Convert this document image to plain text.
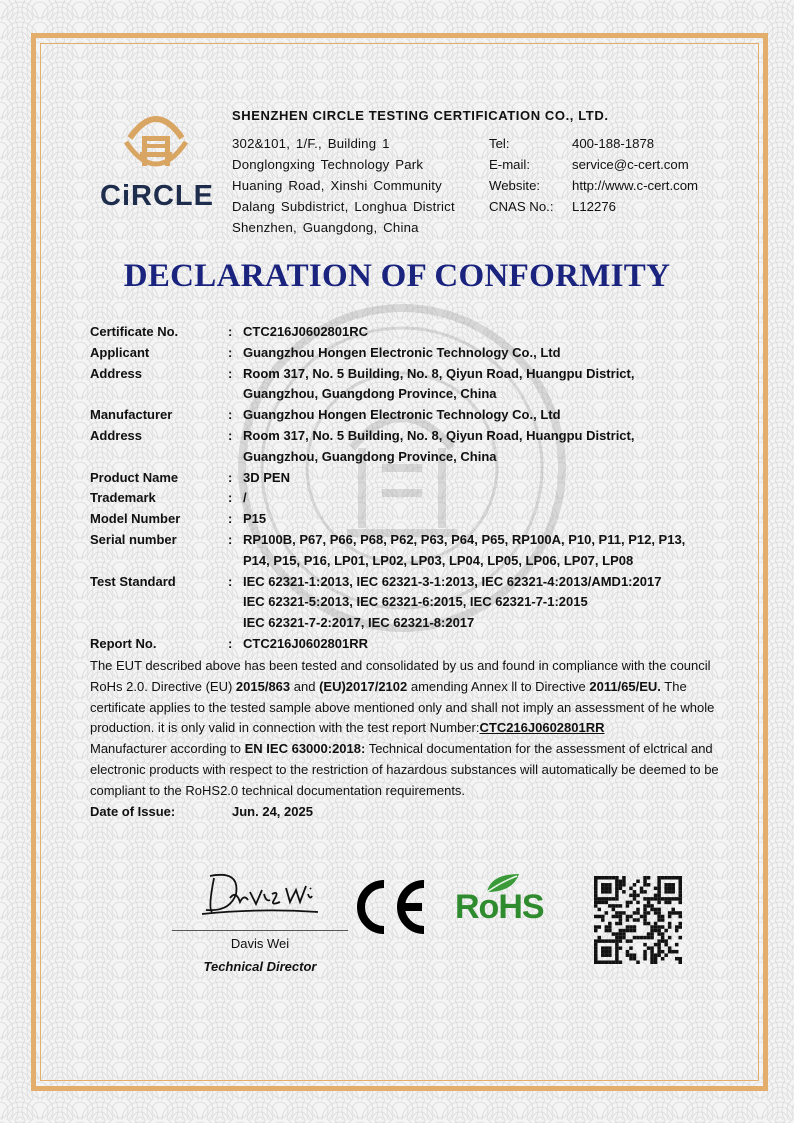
CiRCLE
SHENZHEN CIRCLE TESTING CERTIFICATION CO., LTD.
302&101, 1/F., Building 1
Donglongxing Technology Park
Huaning Road, Xinshi Community
Dalang Subdistrict, Longhua District
Shenzhen, Guangdong, China
Tel:	400-188-1878
E-mail:	service@c-cert.com
Website:	http://www.c-cert.com
CNAS No.:	L12276
DECLARATION OF CONFORMITY
Certificate No.	: CTC216J0602801RC
Applicant	: Guangzhou Hongen Electronic Technology Co., Ltd
Address	: Room 317, No. 5 Building, No. 8, Qiyun Road, Huangpu District,
Guangzhou, Guangdong Province, China
Manufacturer	: Guangzhou Hongen Electronic Technology Co., Ltd
Address	: Room 317, No. 5 Building, No. 8, Qiyun Road, Huangpu District,
Guangzhou, Guangdong Province, China
Product Name	: 3D PEN
Trademark	: /
Model Number	: P15
Serial number	: RP100B, P67, P66, P68, P62, P63, P64, P65, RP100A, P10, P11, P12, P13,
P14, P15, P16, LP01, LP02, LP03, LP04, LP05, LP06, LP07, LP08
Test Standard	: IEC 62321-1:2013, IEC 62321-3-1:2013, IEC 62321-4:2013/AMD1:2017
IEC 62321-5:2013, IEC 62321-6:2015, IEC 62321-7-1:2015
IEC 62321-7-2:2017, IEC 62321-8:2017
Report No.	: CTC216J0602801RR

The EUT described above has been tested and consolidated by us and found in compliance with the council RoHs 2.0. Directive (EU) 2015/863 and (EU)2017/2102 amending Annex ll to Directive 2011/65/EU. The certificate applies to the tested sample above mentioned only and shall not imply an assessment of he whole production. it is only valid in connection with the test report Number:CTC216J0602801RR

Manufacturer according to EN IEC 63000:2018: Technical documentation for the assessment of elctrical and electronic products with respect to the restriction of hazardous substances will automatically be deemed to be compliant to the RoHS2.0 technical documentation requirements.

Date of Issue:	Jun. 24, 2025
Davis Wei
Technical Director
RoHS
